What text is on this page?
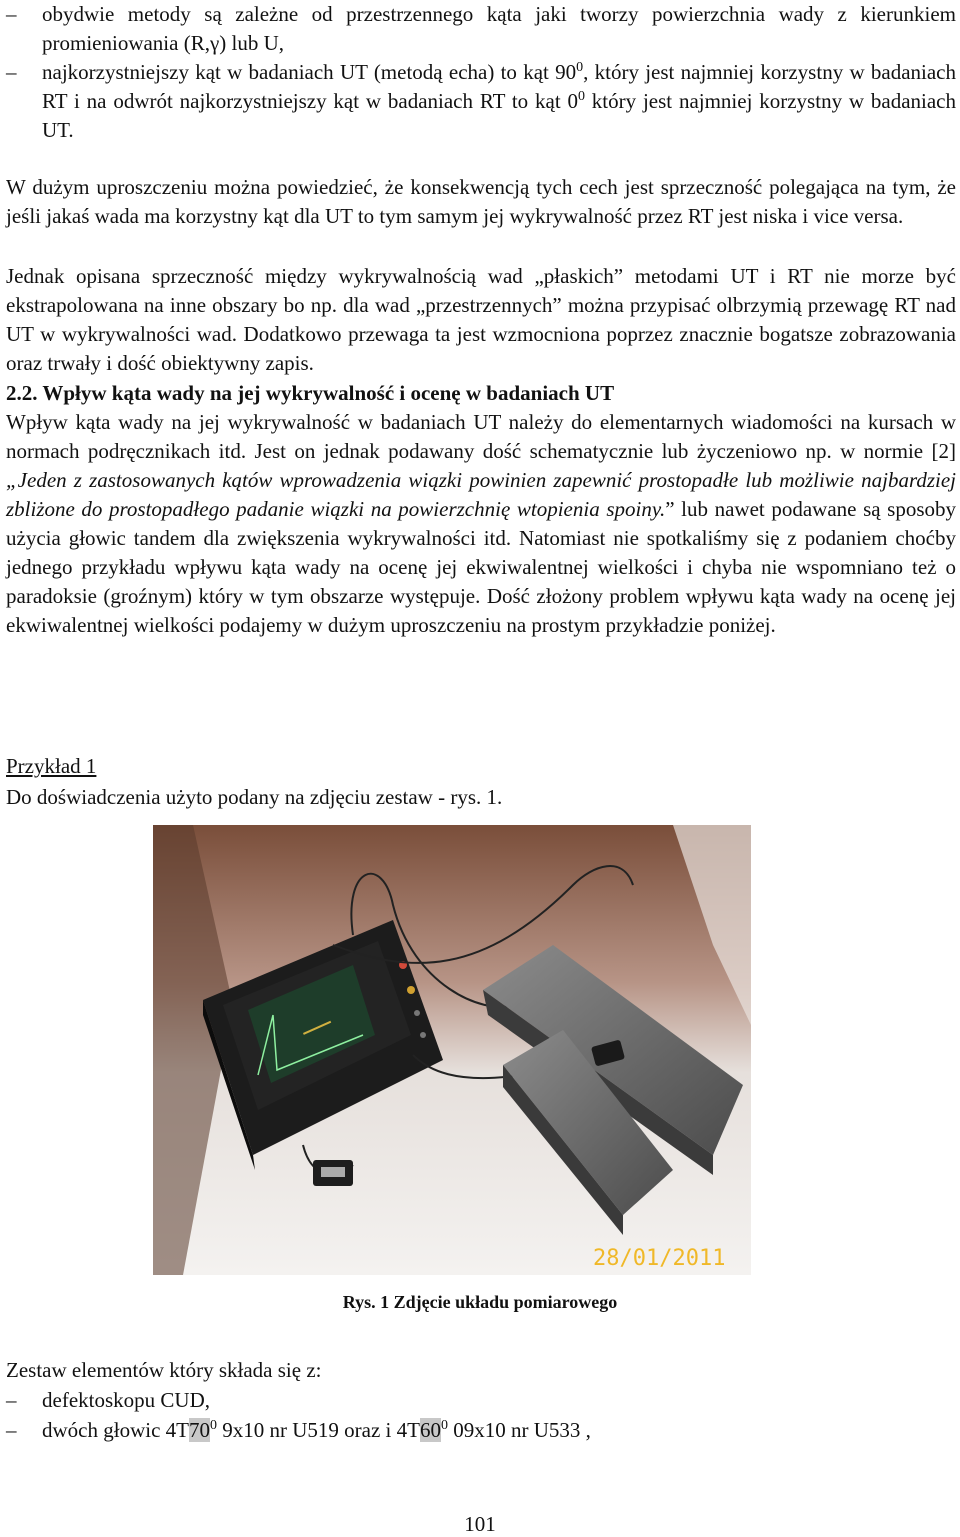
– obydwie metody są zależne od przestrzennego kąta jaki tworzy powierzchnia wady z kierunkiem promieniowania (R,γ) lub U,
– najkorzystniejszy kąt w badaniach UT (metodą echa) to kąt $90^0$, który jest najmniej korzystny w badaniach RT i na odwrót najkorzystniejszy kąt w badaniach RT to kąt $0^0$ który jest najmniej korzystny w badaniach UT.

W dużym uproszczeniu można powiedzieć, że konsekwencją tych cech jest sprzeczność polegająca na tym, że jeśli jakaś wada ma korzystny kąt dla UT to tym samym jej wykrywalność przez RT jest niska i vice versa.

Jednak opisana sprzeczność między wykrywalnością wad „płaskich” metodami UT i RT nie morze być ekstrapolowana na inne obszary bo np. dla wad „przestrzennych” można przypisać olbrzymią przewagę RT nad UT w wykrywalności wad. Dodatkowo przewaga ta jest wzmocniona poprzez znacznie bogatsze zobrazowania oraz trwały i dość obiektywny zapis.

2.2. Wpływ kąta wady na jej wykrywalność i ocenę w badaniach UT

Wpływ kąta wady na jej wykrywalność w badaniach UT należy do elementarnych wiadomości na kursach w normach podręcznikach itd. Jest on jednak podawany dość schematycznie lub życzeniowo np. w normie [2] „Jeden z zastosowanych kątów wprowadzenia wiązki powinien zapewnić prostopadłe lub możliwie najbardziej zbliżone do prostopadłego padanie wiązki na powierzchnię wtopienia spoiny.” lub nawet podawane są sposoby użycia głowic tandem dla zwiększenia wykrywalności itd. Natomiast nie spotkaliśmy się z podaniem choćby jednego przykładu wpływu kąta wady na ocenę jej ekwiwalentnej wielkości i chyba nie wspomniano też o paradoksie (groźnym) który w tym obszarze występuje. Dość złożony problem wpływu kąta wady na ocenę jej ekwiwalentnej wielkości podajemy w dużym uproszczeniu na prostym przykładzie poniżej.

Przykład 1

Do doświadczenia użyto podany na zdjęciu zestaw - rys. 1.

28/01/2011

Rys. 1 Zdjęcie układu pomiarowego

Zestaw elementów który składa się z:

– defektoskopu CUD,
– dwóch głowic $4T70^0$ 9x10 nr U519 oraz i $4T60^0$ 09x10 nr U533 ,

101
